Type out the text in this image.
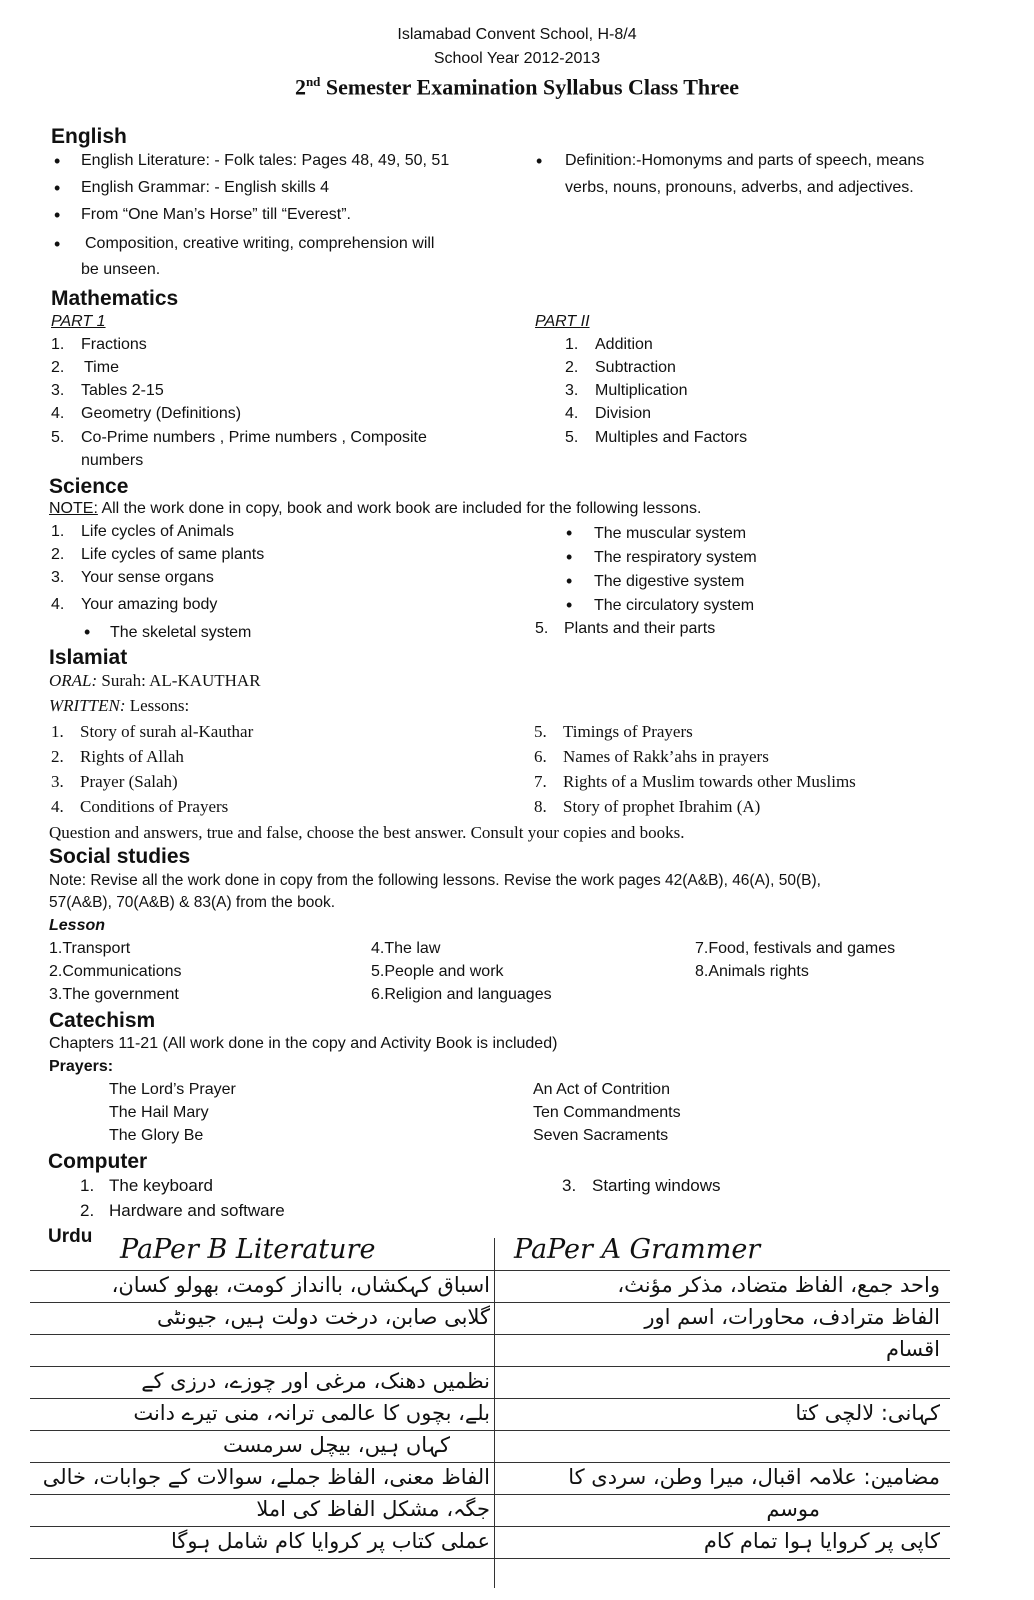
Islamabad Convent School, H-8/4
School Year 2012-2013
2nd Semester Examination Syllabus Class Three
English
• English Literature: - Folk tales: Pages 48, 49, 50, 51
• English Grammar: - English skills 4
• From “One Man’s Horse” till “Everest”.
• Composition, creative writing, comprehension will
be unseen.
• Definition:-Homonyms and parts of speech, means
verbs, nouns, pronouns, adverbs, and adjectives.
Mathematics
PART 1
1. Fractions
2. Time
3. Tables 2-15
4. Geometry (Definitions)
5. Co-Prime numbers , Prime numbers , Composite
numbers
PART II
1. Addition
2. Subtraction
3. Multiplication
4. Division
5. Multiples and Factors
Science
NOTE: All the work done in copy, book and work book are included for the following lessons.
1. Life cycles of Animals
2. Life cycles of same plants
3. Your sense organs
4. Your amazing body
• The skeletal system
• The muscular system
• The respiratory system
• The digestive system
• The circulatory system
5. Plants and their parts
Islamiat
ORAL: Surah: AL-KAUTHAR
WRITTEN: Lessons:
1. Story of surah al-Kauthar
2. Rights of Allah
3. Prayer (Salah)
4. Conditions of Prayers
5. Timings of Prayers
6. Names of Rakk’ahs in prayers
7. Rights of a Muslim towards other Muslims
8. Story of prophet Ibrahim (A)
Question and answers, true and false, choose the best answer. Consult your copies and books.
Social studies
Note: Revise all the work done in copy from the following lessons. Revise the work pages 42(A&B), 46(A), 50(B),
57(A&B), 70(A&B) & 83(A) from the book.
Lesson
1.Transport
2.Communications
3.The government
4.The law
5.People and work
6.Religion and languages
7.Food, festivals and games
8.Animals rights
Catechism
Chapters 11-21 (All work done in the copy and Activity Book is included)
Prayers:
The Lord’s Prayer
The Hail Mary
The Glory Be
An Act of Contrition
Ten Commandments
Seven Sacraments
Computer
1. The keyboard
2. Hardware and software
3. Starting windows
Urdu PaPer B Literature	PaPer A Grammer
اسباق کہکشاں، باانداز کومت، بھولو کسان،
گلابی صابن، درخت دولت ہیں، جیونٹی
نظمیں دھنک، مرغی اور چوزے، درزی کے
بلے، بچوں کا عالمی ترانہ، منی تیرے دانت
کہاں ہیں، بیچل سرمست
الفاظ معنی، الفاظ جملے، سوالات کے جوابات، خالی
جگہ، مشکل الفاظ کی املا
عملی کتاب پر کروایا کام شامل ہوگا
واحد جمع، الفاظ متضاد، مذکر مؤنث،
الفاظ مترادف، محاورات، اسم اور
اقسام
کہانی: لالچی کتا
مضامین: علامہ اقبال، میرا وطن، سردی کا
موسم
کاپی پر کروایا ہوا تمام کام
